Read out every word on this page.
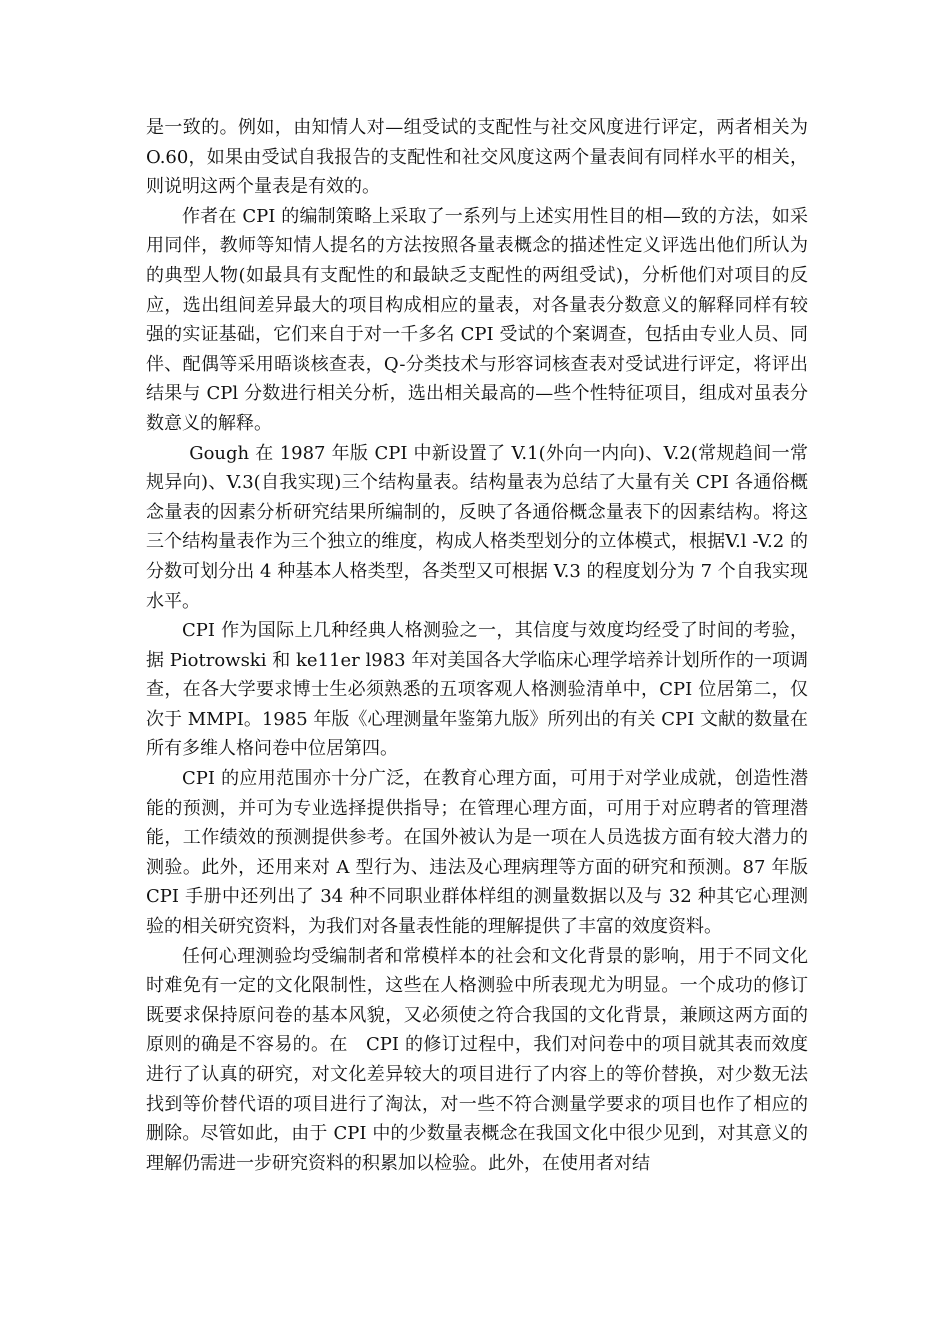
是一致的。例如，由知情人对—组受试的支配性与社交风度进行评定，两者相关为 O.60，如果由受试自我报告的支配性和社交风度这两个量表间有同样水平的相关，则说明这两个量表是有效的。

作者在 CPI 的编制策略上采取了一系列与上述实用性目的相—致的方法，如采用同伴，教师等知情人提名的方法按照各量表概念的描述性定义评选出他们所认为的典型人物(如最具有支配性的和最缺乏支配性的两组受试)，分析他们对项目的反应，选出组间差异最大的项目构成相应的量表，对各量表分数意义的解释同样有较强的实证基础，它们来自于对一千多名 CPI 受试的个案调查，包括由专业人员、同伴、配偶等采用晤谈核查表，Q-分类技术与形容词核查表对受试进行评定，将评出结果与 CPl 分数进行相关分析，选出相关最高的—些个性特征项目，组成对虽表分数意义的解释。

Gough 在 1987 年版 CPI 中新设置了 V.1(外向一内向)、V.2(常规趋间一常规异向)、V.3(自我实现)三个结构量表。结构量表为总结了大量有关 CPI 各通俗概念量表的因素分析研究结果所编制的，反映了各通俗概念量表下的因素结构。将这三个结构量表作为三个独立的维度，构成人格类型划分的立体模式，根据V.l -V.2 的分数可划分出 4 种基本人格类型，各类型又可根据 V.3 的程度划分为 7 个自我实现水平。

CPI 作为国际上几种经典人格测验之一，其信度与效度均经受了时间的考验，据 Piotrowski 和 ke11er l983 年对美国各大学临床心理学培养计划所作的一项调查，在各大学要求博士生必须熟悉的五项客观人格测验清单中，CPI 位居第二，仅次于 MMPI。1985 年版《心理测量年鉴第九版》所列出的有关 CPI 文献的数量在所有多维人格问卷中位居第四。

CPI 的应用范围亦十分广泛，在教育心理方面，可用于对学业成就，创造性潜能的预测，并可为专业选择提供指导；在管理心理方面，可用于对应聘者的管理潜能，工作绩效的预测提供参考。在国外被认为是一项在人员选拔方面有较大潜力的测验。此外，还用来对 A 型行为、违法及心理病理等方面的研究和预测。87 年版 CPI 手册中还列出了 34 种不同职业群体样组的测量数据以及与 32 种其它心理测验的相关研究资料，为我们对各量表性能的理解提供了丰富的效度资料。

任何心理测验均受编制者和常模样本的社会和文化背景的影响，用于不同文化时难免有一定的文化限制性，这些在人格测验中所表现尤为明显。一个成功的修订既要求保持原问卷的基本风貌，又必须使之符合我国的文化背景，兼顾这两方面的原则的确是不容易的。在　CPI 的修订过程中，我们对问卷中的项目就其表而效度进行了认真的研究，对文化差异较大的项目进行了内容上的等价替换，对少数无法找到等价替代语的项目进行了淘汰，对一些不符合测量学要求的项目也作了相应的删除。尽管如此，由于 CPI 中的少数量表概念在我国文化中很少见到，对其意义的理解仍需进一步研究资料的积累加以检验。此外，在使用者对结
